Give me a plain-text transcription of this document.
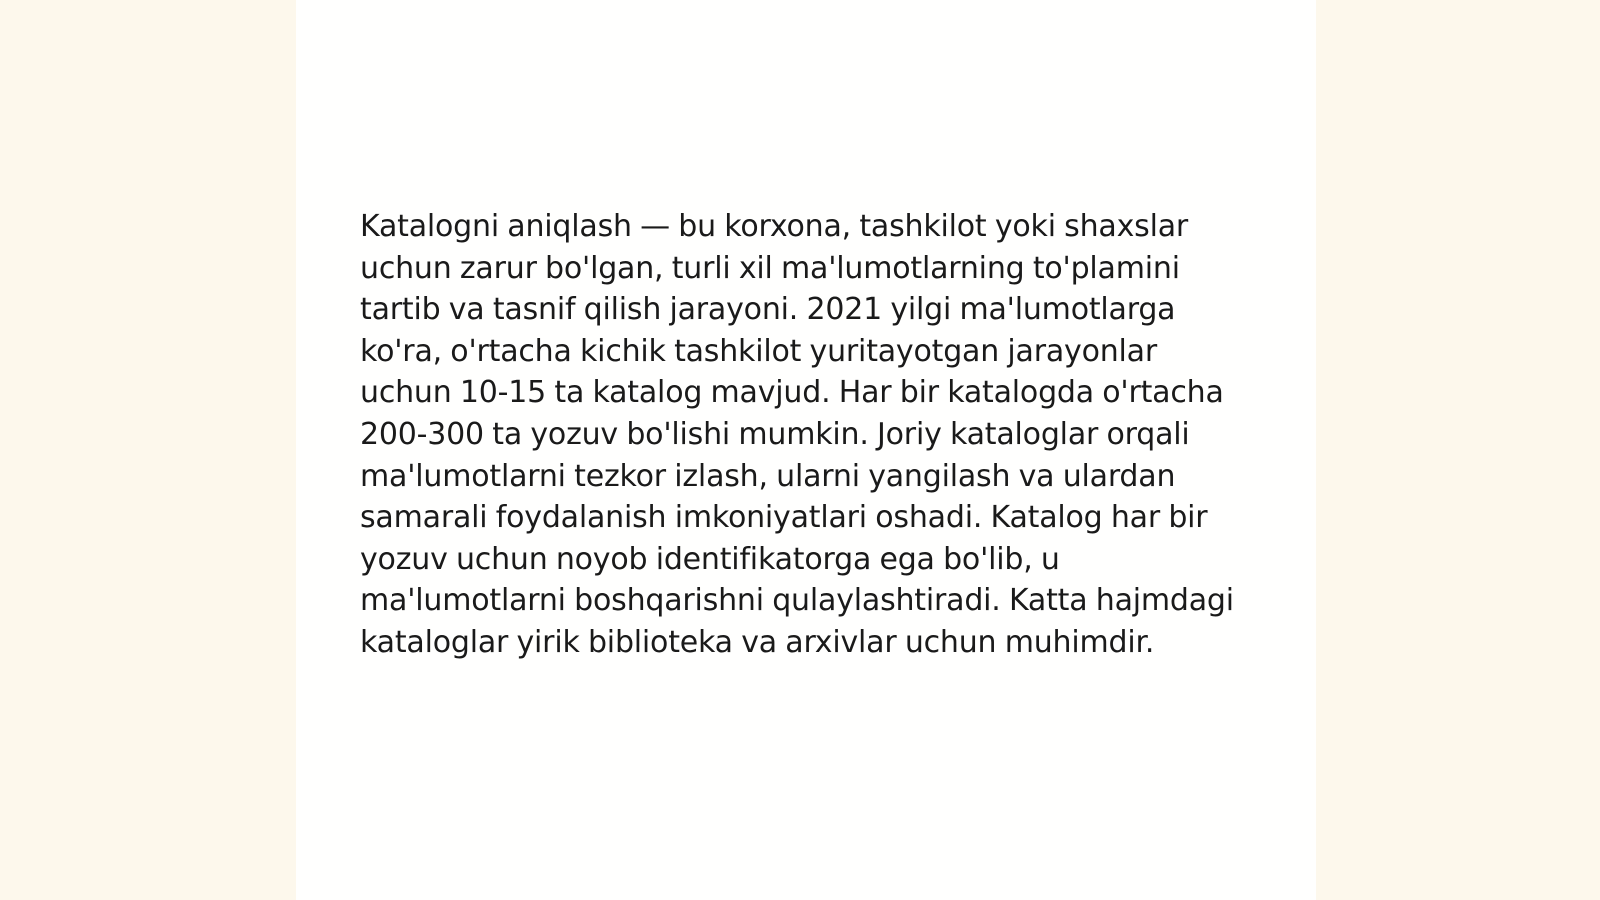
Katalogni aniqlash — bu korxona, tashkilot yoki shaxslar uchun zarur bo'lgan, turli xil ma'lumotlarning to'plamini tartib va tasnif qilish jarayoni. 2021 yilgi ma'lumotlarga ko'ra, o'rtacha kichik tashkilot yuritayotgan jarayonlar uchun 10-15 ta katalog mavjud. Har bir katalogda o'rtacha 200-300 ta yozuv bo'lishi mumkin. Joriy kataloglar orqali ma'lumotlarni tezkor izlash, ularni yangilash va ulardan samarali foydalanish imkoniyatlari oshadi. Katalog har bir yozuv uchun noyob identifikatorga ega bo'lib, u ma'lumotlarni boshqarishni qulaylashtiradi. Katta hajmdagi kataloglar yirik biblioteka va arxivlar uchun muhimdir.
